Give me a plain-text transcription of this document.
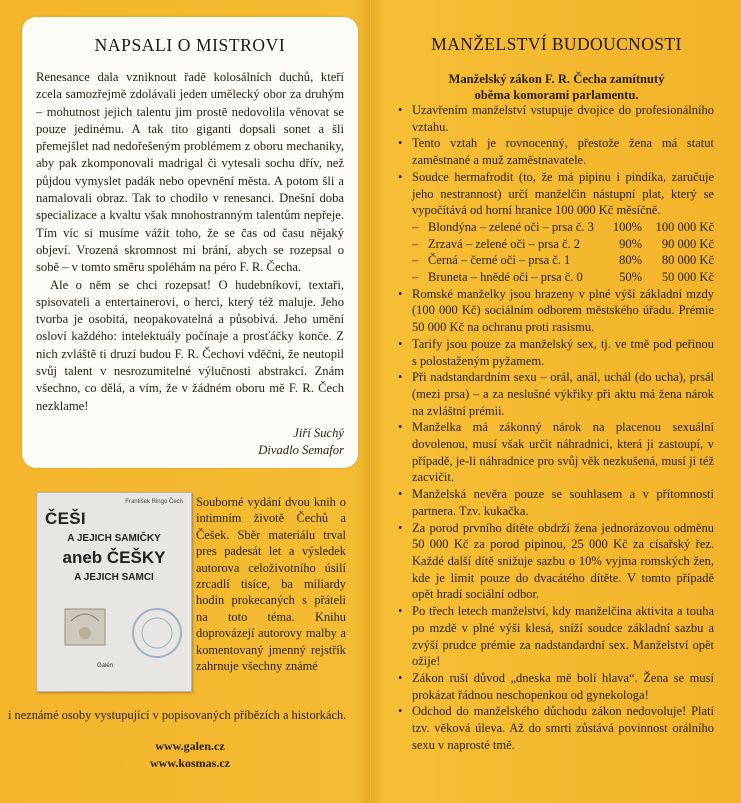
NAPSALI O MISTROVI

Renesance dala vzniknout řadě kolosálních duchů, kteří zcela samozřejmě zdolávali jeden umělecký obor za druhým – mohutnost jejich talentu jim prostě nedovolila věnovat se pouze jedinému. A tak tito giganti dopsali sonet a šli přemejšlet nad nedořešeným problémem z oboru mechaniky, aby pak zkomponovali madrigal či vytesali sochu dřív, než půjdou vymyslet padák nebo opevnění města. A potom šli a namalovali obraz. Tak to chodilo v renesanci. Dnešní doba specializace a kvaltu však mnohostranným talentům nepřeje. Tím víc si musíme vážit toho, že se čas od času nějaký objeví. Vrozená skromnost mi brání, abych se rozepsal o sobě – v tomto směru spoléhám na péro F. R. Čecha.

Ale o něm se chci rozepsat! O hudebníkovi, textaři, spisovateli a entertainerovi, o herci, který též maluje. Jeho tvorba je osobitá, neopakovatelná a působivá. Jeho umění osloví každého: intelektuály počínaje a prosťáčky konče. Z nich zvláště ti druzí budou F. R. Čechovi vděčni, že neutopil svůj talent v nesrozumitelné výlučnosti abstrakcí. Znám všechno, co dělá, a vím, že v žádném oboru mě F. R. Čech nezklame!

Jiří Suchý
Divadlo Semafor
František Ringo Čech
ČEŠI
A JEJICH SAMIČKY
aneb ČEŠKY
A JEJICH SAMCI
Galén
Souborné vydání dvou knih o intimním životě Čechů a Češek. Sběr materiálu trval pres padesát let a výsledek autorova celoživotního úsilí zrcadlí tisíce, ba miliardy hodin prokecaných s přáteli na toto téma. Knihu doprovázejí autorovy malby a komentovaný jmenný rejstřík zahrnuje všechny známé
i neznámé osoby vystupující v popisovaných příbězích a historkách.
www.galen.cz
www.kosmas.cz
MANŽELSTVÍ BUDOUCNOSTI
Manželský zákon F. R. Čecha zamítnutý
oběma komorami parlamentu.
• Uzavřením manželství vstupuje dvojice do profesionálního vztahu.
• Tento vztah je rovnocenný, přestože žena má statut zaměstnané a muž zaměstnavatele.
• Soudce hermafrodit (to, že má pipinu i pindíka, zaručuje jeho nestrannost) určí manželčin nástupní plat, který se vypočítává od horní hranice 100 000 Kč měsíčně.
– Blondýna – zelené oči – prsa č. 3	100%	100 000 Kč
– Zrzavá – zelené oči – prsa č. 2	90%	90 000 Kč
– Černá – černé oči – prsa č. 1	80%	80 000 Kč
– Bruneta – hnědé oči – prsa č. 0	50%	50 000 Kč
• Romské manželky jsou hrazeny v plné výši základní mzdy (100 000 Kč) sociálním odborem městského úřadu. Prémie 50 000 Kč na ochranu proti rasismu.
• Tarify jsou pouze za manželský sex, tj. ve tmě pod peřinou s polostaženým pyžamem.
• Při nadstandardním sexu – orál, anál, uchál (do ucha), prsál (mezi prsa) – a za neslušné výkřiky při aktu má žena nárok na zvláštní prémii.
• Manželka má zákonný nárok na placenou sexuální dovolenou, musí však určit náhradnici, která ji zastoupí, v případě, je-li náhradnice pro svůj věk nezkušená, musí ji též zacvičit.
• Manželská nevěra pouze se souhlasem a v přítomnosti partnera. Tzv. kukačka.
• Za porod prvního dítěte obdrží žena jednorázovou odměnu 50 000 Kč za porod pipinou, 25 000 Kč za císařský řez. Každé další dítě snižuje sazbu o 10% vyjma romských žen, kde je limit pouze do dvacátého dítěte. V tomto případě opět hradí sociální odbor.
• Po třech letech manželství, kdy manželčina aktivita a touha po mzdě v plné výši klesá, sníží soudce základní sazbu a zvýší prudce prémie za nadstandardní sex. Manželství opět ožije!
• Zákon ruší důvod „dneska mě bolí hlava“. Žena se musí prokázat řádnou neschopenkou od gynekologa!
• Odchod do manželského důchodu zákon nedovoluje! Platí tzv. věková úleva. Až do smrti zůstává povinnost orálního sexu v naprosté tmě.
